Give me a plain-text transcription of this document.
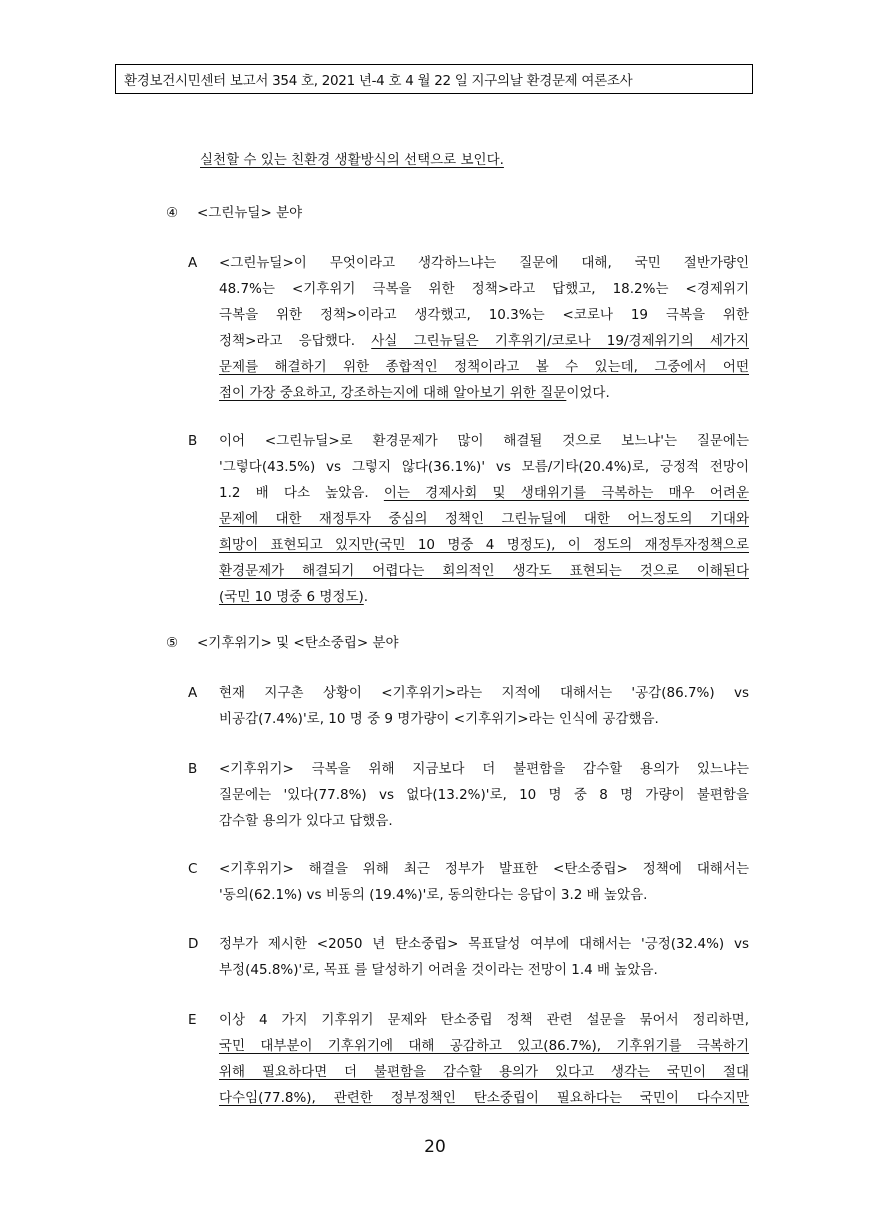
환경보건시민센터 보고서 354 호, 2021 년-4 호 4 월 22 일 지구의날 환경문제 여론조사
실천할 수 있는 친환경 생활방식의 선택으로 보인다.
④ <그린뉴딜> 분야
A <그린뉴딜>이 무엇이라고 생각하느냐는 질문에 대해, 국민 절반가량인
48.7%는 <기후위기 극복을 위한 정책>라고 답했고, 18.2%는 <경제위기
극복을 위한 정책>이라고 생각했고, 10.3%는 <코로나 19 극복을 위한
정책>라고 응답했다. 사실 그린뉴딜은 기후위기/코로나 19/경제위기의 세가지
문제를 해결하기 위한 종합적인 정책이라고 볼 수 있는데, 그중에서 어떤
점이 가장 중요하고, 강조하는지에 대해 알아보기 위한 질문이었다.
B 이어 <그린뉴딜>로 환경문제가 많이 해결될 것으로 보느냐'는 질문에는
'그렇다(43.5%) vs 그렇지 않다(36.1%)' vs 모름/기타(20.4%)로, 긍정적 전망이
1.2 배 다소 높았음. 이는 경제사회 및 생태위기를 극복하는 매우 어려운
문제에 대한 재정투자 중심의 정책인 그린뉴딜에 대한 어느정도의 기대와
희망이 표현되고 있지만(국민 10 명중 4 명정도), 이 정도의 재정투자정책으로
환경문제가 해결되기 어렵다는 회의적인 생각도 표현되는 것으로 이해된다
(국민 10 명중 6 명정도).
⑤ <기후위기> 및 <탄소중립> 분야
A 현재 지구촌 상황이 <기후위기>라는 지적에 대해서는 '공감(86.7%) vs
비공감(7.4%)'로, 10 명 중 9 명가량이 <기후위기>라는 인식에 공감했음.
B <기후위기> 극복을 위해 지금보다 더 불편함을 감수할 용의가 있느냐는
질문에는 '있다(77.8%) vs 없다(13.2%)'로, 10 명 중 8 명 가량이 불편함을
감수할 용의가 있다고 답했음.
C <기후위기> 해결을 위해 최근 정부가 발표한 <탄소중립> 정책에 대해서는
'동의(62.1%) vs 비동의 (19.4%)'로, 동의한다는 응답이 3.2 배 높았음.
D 정부가 제시한 <2050 년 탄소중립> 목표달성 여부에 대해서는 '긍정(32.4%) vs
부정(45.8%)'로, 목표 를 달성하기 어려울 것이라는 전망이 1.4 배 높았음.
E 이상 4 가지 기후위기 문제와 탄소중립 정책 관련 설문을 묶어서 정리하면,
국민 대부분이 기후위기에 대해 공감하고 있고(86.7%), 기후위기를 극복하기
위해 필요하다면 더 불편함을 감수할 용의가 있다고 생각는 국민이 절대
다수임(77.8%), 관련한 정부정책인 탄소중립이 필요하다는 국민이 다수지만
20
